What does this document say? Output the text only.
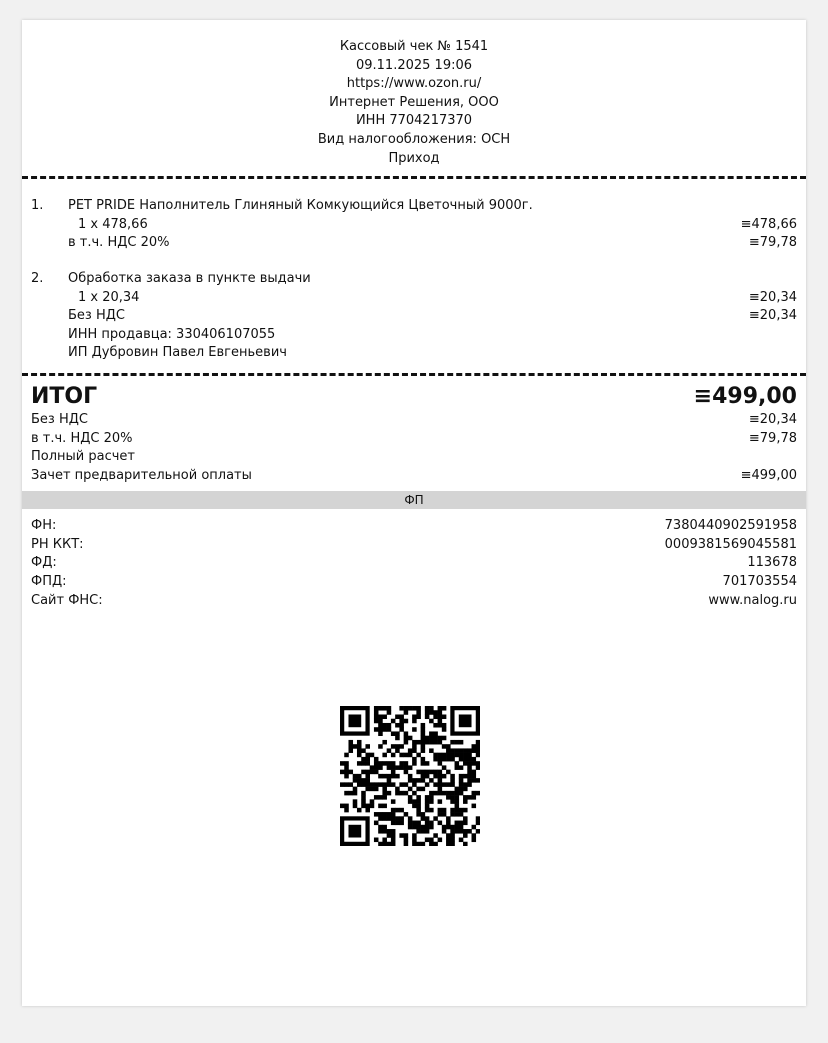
Кассовый чек № 1541
09.11.2025 19:06
https://www.ozon.ru/
Интернет Решения, ООО
ИНН 7704217370
Вид налогообложения: ОСН
Приход
1.	PET PRIDE Наполнитель Глиняный Комкующийся Цветочный 9000г.
1 x 478,66	≡478,66
в т.ч. НДС 20%	≡79,78
2.	Обработка заказа в пункте выдачи
1 x 20,34	≡20,34
Без НДС	≡20,34
ИНН продавца: 330406107055
ИП Дубровин Павел Евгеньевич
ИТОГ	≡499,00
Без НДС	≡20,34
в т.ч. НДС 20%	≡79,78
Полный расчет
Зачет предварительной оплаты	≡499,00
ФП
ФН:	7380440902591958
РН ККТ:	0009381569045581
ФД:	113678
ФПД:	701703554
Сайт ФНС:	www.nalog.ru
